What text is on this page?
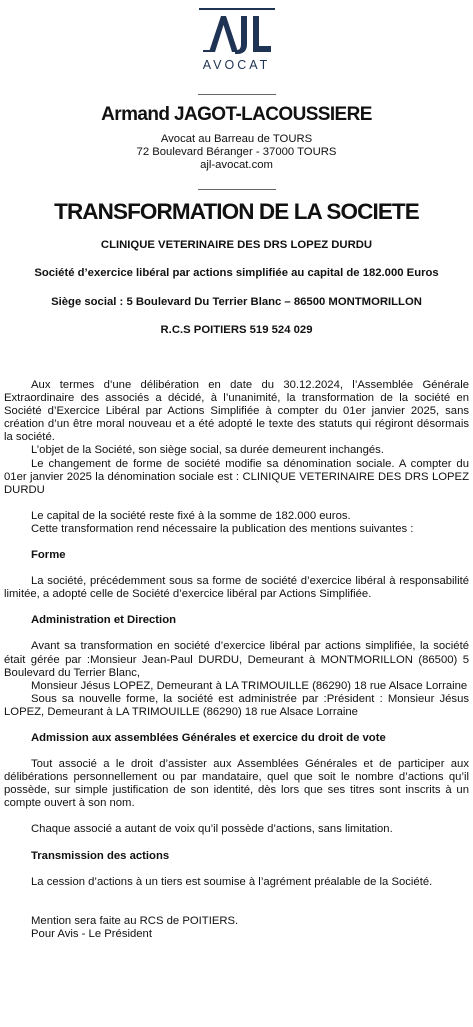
AVOCAT
Armand JAGOT-LACOUSSIERE
Avocat au Barreau de TOURS
72 Boulevard Béranger - 37000 TOURS
ajl-avocat.com
TRANSFORMATION DE LA SOCIETE
CLINIQUE VETERINAIRE DES DRS LOPEZ DURDU
Société d’exercice libéral par actions simplifiée au capital de 182.000 Euros
Siège social : 5 Boulevard Du Terrier Blanc – 86500 MONTMORILLON
R.C.S POITIERS 519 524 029

Aux termes d’une délibération en date du 30.12.2024, l’Assemblée Générale Extraordinaire des associés a décidé, à l’unanimité, la transformation de la société en Société d’Exercice Libéral par Actions Simplifiée à compter du 01er janvier 2025, sans création d’un être moral nouveau et a été adopté le texte des statuts qui régiront désormais la société.

L’objet de la Société, son siège social, sa durée demeurent inchangés.

Le changement de forme de société modifie sa dénomination sociale. A compter du 01er janvier 2025 la dénomination sociale est : CLINIQUE VETERINAIRE DES DRS LOPEZ DURDU

Le capital de la société reste fixé à la somme de 182.000 euros.

Cette transformation rend nécessaire la publication des mentions suivantes :

Forme

La société, précédemment sous sa forme de société d’exercice libéral à responsabilité limitée, a adopté celle de Société d’exercice libéral par Actions Simplifiée.

Administration et Direction

Avant sa transformation en société d’exercice libéral par actions simplifiée, la société était gérée par :Monsieur Jean-Paul DURDU, Demeurant à MONTMORILLON (86500) 5 Boulevard du Terrier Blanc,

Monsieur Jésus LOPEZ, Demeurant à LA TRIMOUILLE (86290) 18 rue Alsace Lorraine

Sous sa nouvelle forme, la société est administrée par :Président : Monsieur Jésus LOPEZ, Demeurant à LA TRIMOUILLE (86290) 18 rue Alsace Lorraine

Admission aux assemblées Générales et exercice du droit de vote

Tout associé a le droit d’assister aux Assemblées Générales et de participer aux délibérations personnellement ou par mandataire, quel que soit le nombre d’actions qu’il possède, sur simple justification de son identité, dès lors que ses titres sont inscrits à un compte ouvert à son nom.

Chaque associé a autant de voix qu’il possède d’actions, sans limitation.

Transmission des actions

La cession d’actions à un tiers est soumise à l’agrément préalable de la Société.

Mention sera faite au RCS de POITIERS.

Pour Avis - Le Président
